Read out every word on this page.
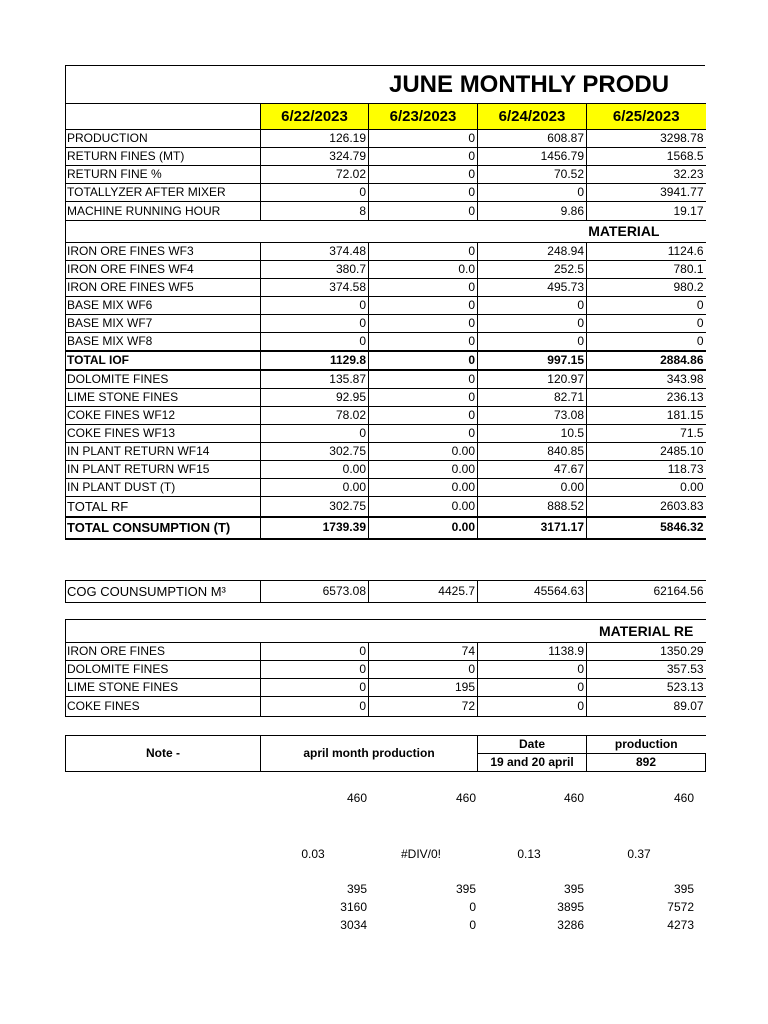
JUNE MONTHLY PRODU
	6/22/2023	6/23/2023	6/24/2023	6/25/2023
PRODUCTION	126.19	0	608.87	3298.78
RETURN FINES (MT)	324.79	0	1456.79	1568.5
RETURN FINE %	72.02	0	70.52	32.23
TOTALLYZER AFTER MIXER	0	0	0	3941.77
MACHINE RUNNING HOUR	8	0	9.86	19.17
MATERIAL				
IRON ORE FINES WF3	374.48	0	248.94	1124.6
IRON ORE FINES WF4	380.7	0.0	252.5	780.1
IRON ORE FINES WF5	374.58	0	495.73	980.2
BASE MIX WF6	0	0	0	0
BASE MIX WF7	0	0	0	0
BASE MIX WF8	0	0	0	0
TOTAL IOF	1129.8	0	997.15	2884.86
DOLOMITE FINES	135.87	0	120.97	343.98
LIME STONE FINES	92.95	0	82.71	236.13
COKE FINES WF12	78.02	0	73.08	181.15
COKE FINES WF13	0	0	10.5	71.5
IN PLANT RETURN WF14	302.75	0.00	840.85	2485.10
IN PLANT RETURN WF15	0.00	0.00	47.67	118.73
IN PLANT DUST (T)	0.00	0.00	0.00	0.00
TOTAL RF	302.75	0.00	888.52	2603.83
TOTAL CONSUMPTION (T)	1739.39	0.00	3171.17	5846.32
COG COUNSUMPTION M³	6573.08	4425.7	45564.63	62164.56
MATERIAL RE				

IRON ORE FINES	0	74	1138.9	1350.29
DOLOMITE FINES	0	0	0	357.53
LIME STONE FINES	0	195	0	523.13
COKE FINES	0	72	0	89.07
Note -	april month production	Date	production
		19 and 20 april	892
460	460	460	460
0.03	#DIV/0!	0.13	0.37
395	395	395	395
3160	0	3895	7572
3034	0	3286	4273
